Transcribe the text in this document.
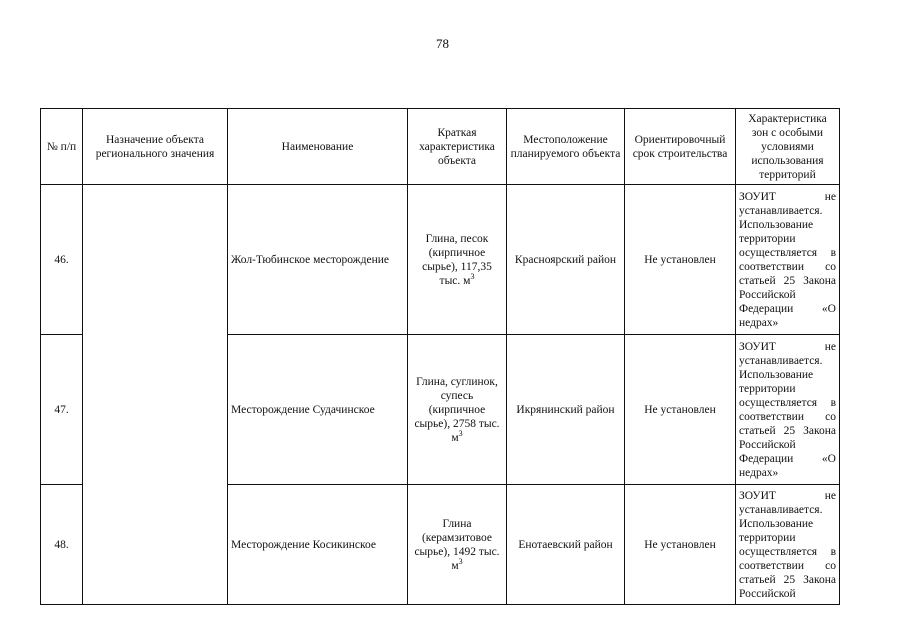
78
№ п/п	Назначение объекта регионального значения	Наименование	Краткая характеристика объекта	Местоположение планируемого объекта	Ориентировочный срок строительства	Характеристика зон с особыми условиями использования территорий
46.		Жол-Тюбинское месторождение	Глина, песок (кирпичное сырье), 117,35 тыс. $м^3$	Красноярский район	Не установлен	ЗОУИТ не устанавливается. Использование территории осуществляется в соответствии со статьей 25 Закона Российской Федерации «О недрах»

47.		Месторождение Судачинское	Глина, суглинок, супесь (кирпичное сырье), 2758 тыс. $м^3$	Икрянинский район	Не установлен	ЗОУИТ не устанавливается. Использование территории осуществляется в соответствии со статьей 25 Закона Российской Федерации «О недрах»

48.		Месторождение Косикинское	Глина (керамзитовое сырье), 1492 тыс. $м^3$	Енотаевский район	Не установлен	ЗОУИТ не устанавливается. Использование территории осуществляется в соответствии со статьей 25 Закона Российской
